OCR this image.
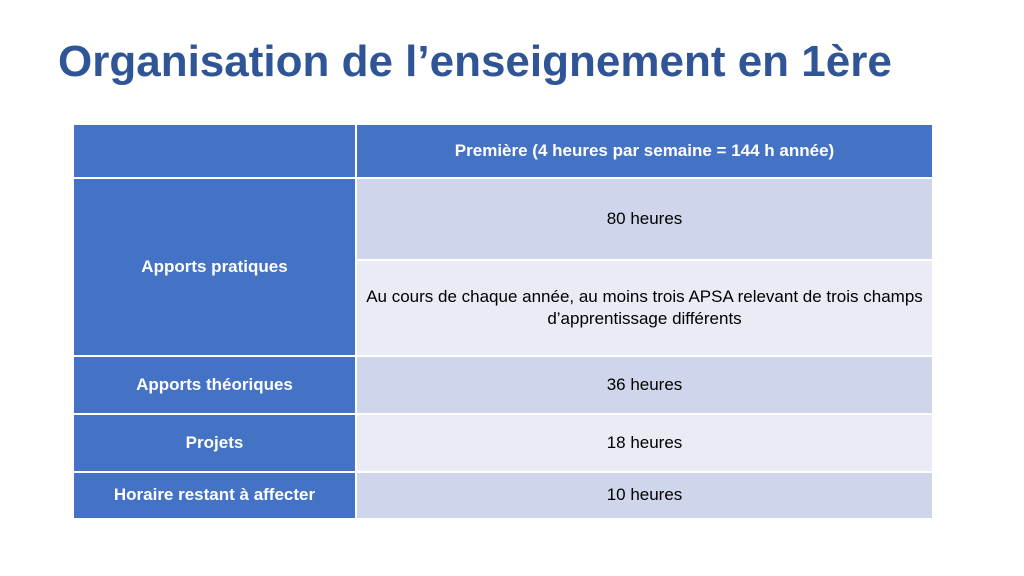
Organisation de l’enseignement en 1ère
	Première (4 heures par semaine = 144 h année)
Apports pratiques	80 heures
	Au cours de chaque année, au moins trois APSA relevant de trois champs d’apprentissage différents
Apports théoriques	36 heures
Projets	18 heures
Horaire restant à affecter	10 heures
